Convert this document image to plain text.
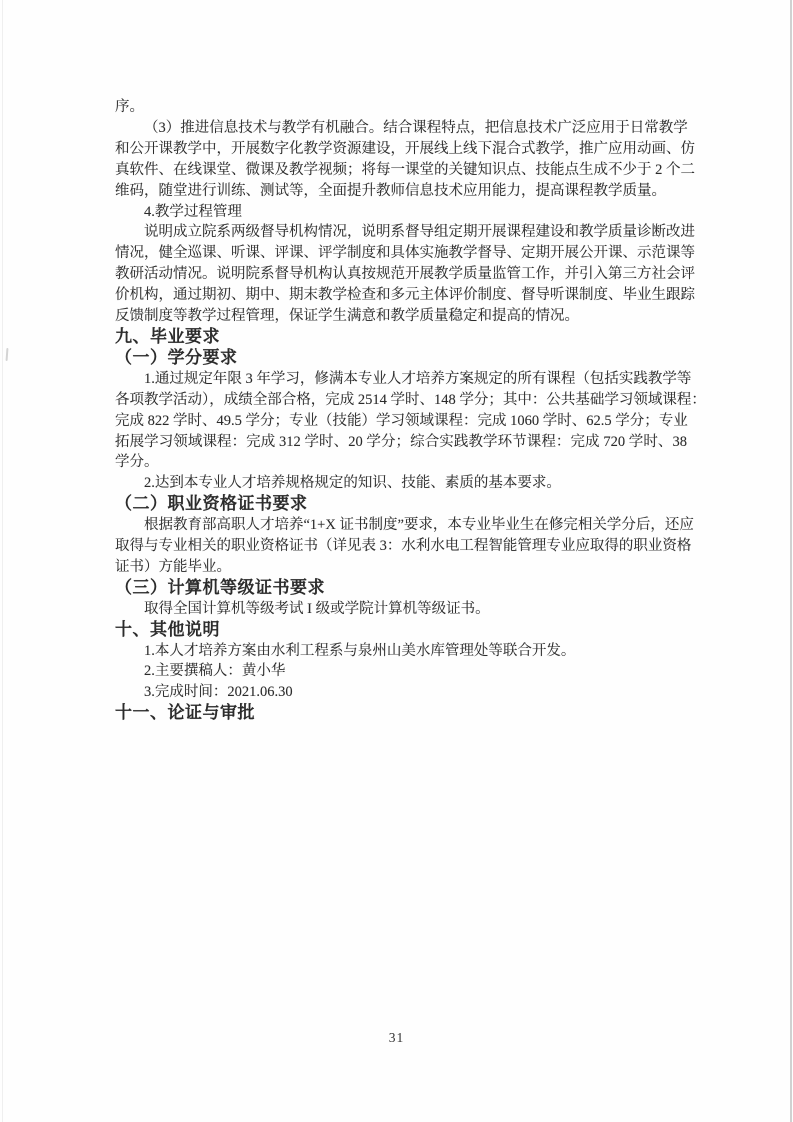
序。
（3）推进信息技术与教学有机融合。结合课程特点，把信息技术广泛应用于日常教学
和公开课教学中，开展数字化教学资源建设，开展线上线下混合式教学，推广应用动画、仿
真软件、在线课堂、微课及教学视频；将每一课堂的关键知识点、技能点生成不少于 2 个二
维码，随堂进行训练、测试等，全面提升教师信息技术应用能力，提高课程教学质量。
4.教学过程管理
说明成立院系两级督导机构情况，说明系督导组定期开展课程建设和教学质量诊断改进
情况，健全巡课、听课、评课、评学制度和具体实施教学督导、定期开展公开课、示范课等
教研活动情况。说明院系督导机构认真按规范开展教学质量监管工作，并引入第三方社会评
价机构，通过期初、期中、期末教学检查和多元主体评价制度、督导听课制度、毕业生跟踪
反馈制度等教学过程管理，保证学生满意和教学质量稳定和提高的情况。
九、毕业要求
（一）学分要求
1.通过规定年限 3 年学习，修满本专业人才培养方案规定的所有课程（包括实践教学等
各项教学活动），成绩全部合格，完成 2514 学时、148 学分；其中：公共基础学习领域课程：
完成 822 学时、49.5 学分；专业（技能）学习领域课程：完成 1060 学时、62.5 学分；专业
拓展学习领域课程：完成 312 学时、20 学分；综合实践教学环节课程：完成 720 学时、38
学分。
2.达到本专业人才培养规格规定的知识、技能、素质的基本要求。
（二）职业资格证书要求
根据教育部高职人才培养“1+X 证书制度”要求，本专业毕业生在修完相关学分后，还应
取得与专业相关的职业资格证书（详见表 3：水利水电工程智能管理专业应取得的职业资格
证书）方能毕业。
（三）计算机等级证书要求
取得全国计算机等级考试 I 级或学院计算机等级证书。
十、其他说明
1.本人才培养方案由水利工程系与泉州山美水库管理处等联合开发。
2.主要撰稿人：黄小华
3.完成时间：2021.06.30
十一、论证与审批
31
